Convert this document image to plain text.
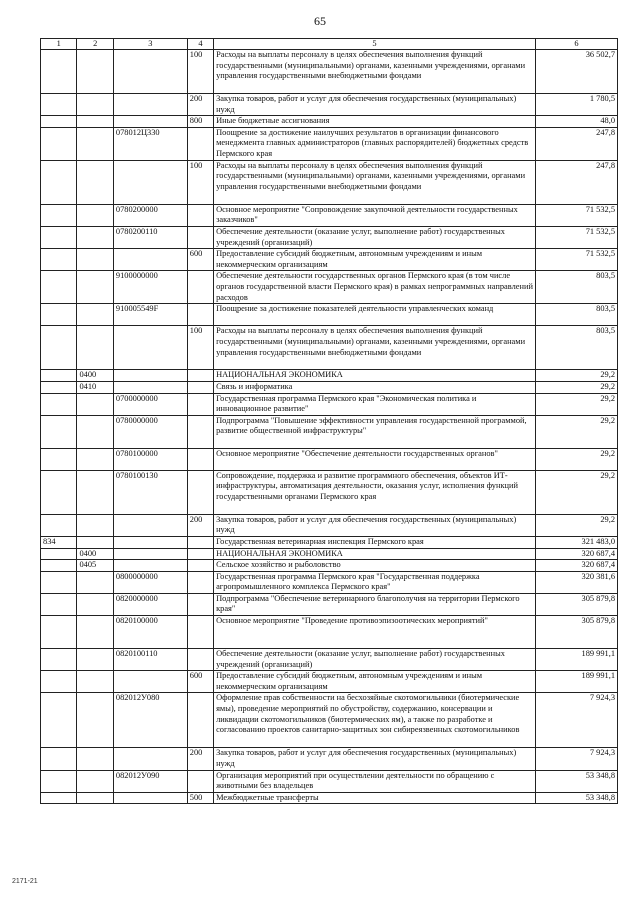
65
1	2	3	4	5	6
			100	Расходы на выплаты персоналу в целях обеспечения выполнения функций государственными (муниципальными) органами, казенными учреждениями, органами управления государственными внебюджетными фондами	36 502,7
			200	Закупка товаров, работ и услуг для обеспечения государственных (муниципальных) нужд	1 780,5
			800	Иные бюджетные ассигнования	48,0
		078012Ц330		Поощрение за достижение наилучших результатов в организации финансового менеджмента главных администраторов (главных распорядителей) бюджетных средств Пермского края	247,8
			100	Расходы на выплаты персоналу в целях обеспечения выполнения функций государственными (муниципальными) органами, казенными учреждениями, органами управления государственными внебюджетными фондами	247,8
		0780200000		Основное мероприятие "Сопровождение закупочной деятельности государственных заказчиков"	71 532,5
		0780200110		Обеспечение деятельности (оказание услуг, выполнение работ) государственных учреждений (организаций)	71 532,5
			600	Предоставление субсидий бюджетным, автономным учреждениям и иным некоммерческим организациям	71 532,5
		9100000000		Обеспечение деятельности государственных органов Пермского края (в том числе органов государственной власти Пермского края) в рамках непрограммных направлений расходов	803,5
		910005549F		Поощрение за достижение показателей деятельности управленческих команд	803,5
			100	Расходы на выплаты персоналу в целях обеспечения выполнения функций государственными (муниципальными) органами, казенными учреждениями, органами управления государственными внебюджетными фондами	803,5
	0400			НАЦИОНАЛЬНАЯ ЭКОНОМИКА	29,2
	0410			Связь и информатика	29,2
		0700000000		Государственная программа Пермского края "Экономическая политика и инновационное развитие"	29,2
		0780000000		Подпрограмма "Повышение эффективности управления государственной программой, развитие общественной инфраструктуры"	29,2
		0780100000		Основное мероприятие "Обеспечение деятельности государственных органов"	29,2
		0780100130		Сопровождение, поддержка и развитие программного обеспечения, объектов ИТ-инфраструктуры, автоматизация деятельности, оказания услуг, исполнения функций государственными органами Пермского края	29,2
			200	Закупка товаров, работ и услуг для обеспечения государственных (муниципальных) нужд	29,2
834				Государственная ветеринарная инспекция Пермского края	321 483,0
	0400			НАЦИОНАЛЬНАЯ ЭКОНОМИКА	320 687,4
	0405			Сельское хозяйство и рыболовство	320 687,4
		0800000000		Государственная программа Пермского края "Государственная поддержка агропромышленного комплекса Пермского края"	320 381,6
		0820000000		Подпрограмма "Обеспечение ветеринарного благополучия на территории Пермского края"	305 879,8
		0820100000		Основное мероприятие "Проведение противоэпизоотических мероприятий"	305 879,8
		0820100110		Обеспечение деятельности (оказание услуг, выполнение работ) государственных учреждений (организаций)	189 991,1
			600	Предоставление субсидий бюджетным, автономным учреждениям и иным некоммерческим организациям	189 991,1
		082012У080		Оформление прав собственности на бесхозяйные скотомогильники (биотермические ямы), проведение мероприятий по обустройству, содержанию, консервации и ликвидации скотомогильников (биотермических ям), а также по разработке и согласованию проектов санитарно-защитных зон сибиреязвенных скотомогильников	7 924,3
			200	Закупка товаров, работ и услуг для обеспечения государственных (муниципальных) нужд	7 924,3
		082012У090		Организация мероприятий при осуществлении деятельности по обращению с животными без владельцев	53 348,8
			500	Межбюджетные трансферты	53 348,8
2171-21
